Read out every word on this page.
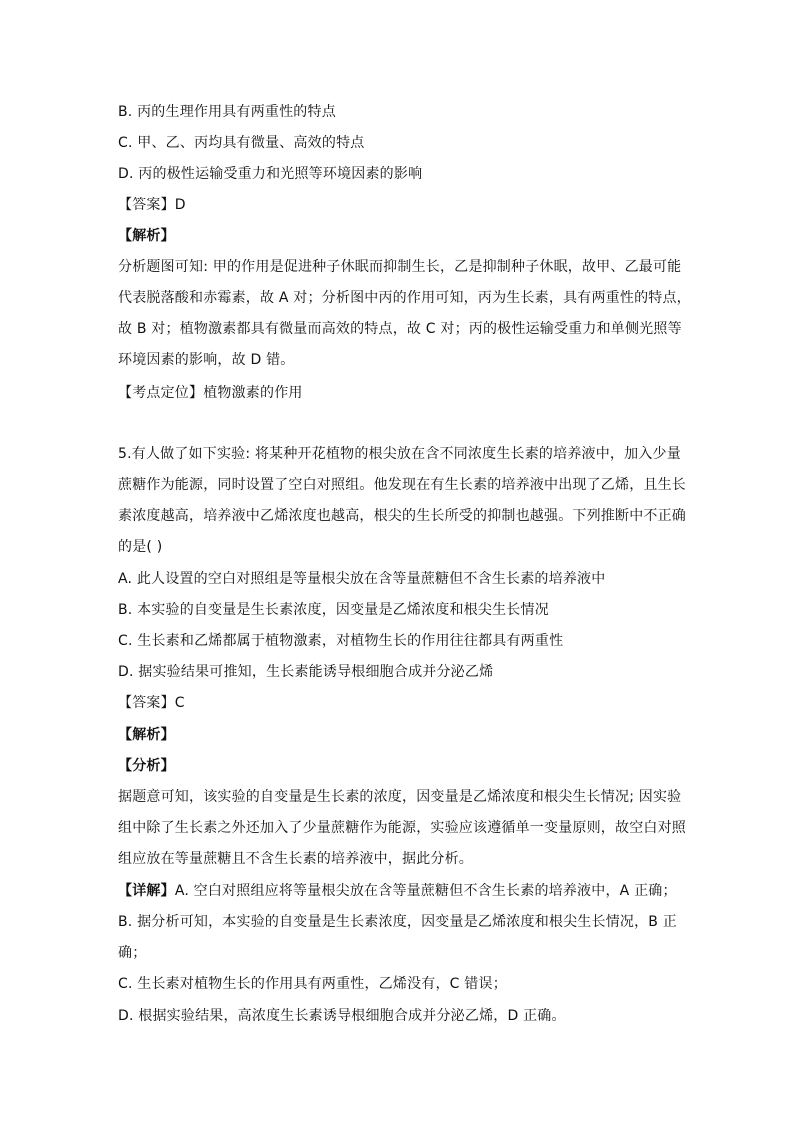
B. 丙的生理作用具有两重性的特点
C. 甲、乙、丙均具有微量、高效的特点
D. 丙的极性运输受重力和光照等环境因素的影响
【答案】D
【解析】
分析题图可知: 甲的作用是促进种子休眠而抑制生长，乙是抑制种子休眠，故甲、乙最可能
代表脱落酸和赤霉素，故 A 对；分析图中丙的作用可知，丙为生长素，具有两重性的特点，
故 B 对；植物激素都具有微量而高效的特点，故 C 对；丙的极性运输受重力和单侧光照等
环境因素的影响，故 D 错。
【考点定位】植物激素的作用
5.有人做了如下实验: 将某种开花植物的根尖放在含不同浓度生长素的培养液中，加入少量
蔗糖作为能源，同时设置了空白对照组。他发现在有生长素的培养液中出现了乙烯，且生长
素浓度越高，培养液中乙烯浓度也越高，根尖的生长所受的抑制也越强。下列推断中不正确
的是( )
A. 此人设置的空白对照组是等量根尖放在含等量蔗糖但不含生长素的培养液中
B. 本实验的自变量是生长素浓度，因变量是乙烯浓度和根尖生长情况
C. 生长素和乙烯都属于植物激素，对植物生长的作用往往都具有两重性
D. 据实验结果可推知，生长素能诱导根细胞合成并分泌乙烯
【答案】C
【解析】
【分析】
据题意可知，该实验的自变量是生长素的浓度，因变量是乙烯浓度和根尖生长情况; 因实验
组中除了生长素之外还加入了少量蔗糖作为能源，实验应该遵循单一变量原则，故空白对照
组应放在等量蔗糖且不含生长素的培养液中，据此分析。
【详解】A. 空白对照组应将等量根尖放在含等量蔗糖但不含生长素的培养液中，A 正确；
B. 据分析可知，本实验的自变量是生长素浓度，因变量是乙烯浓度和根尖生长情况，B 正
确；
C. 生长素对植物生长的作用具有两重性，乙烯没有，C 错误；
D. 根据实验结果，高浓度生长素诱导根细胞合成并分泌乙烯，D 正确。
